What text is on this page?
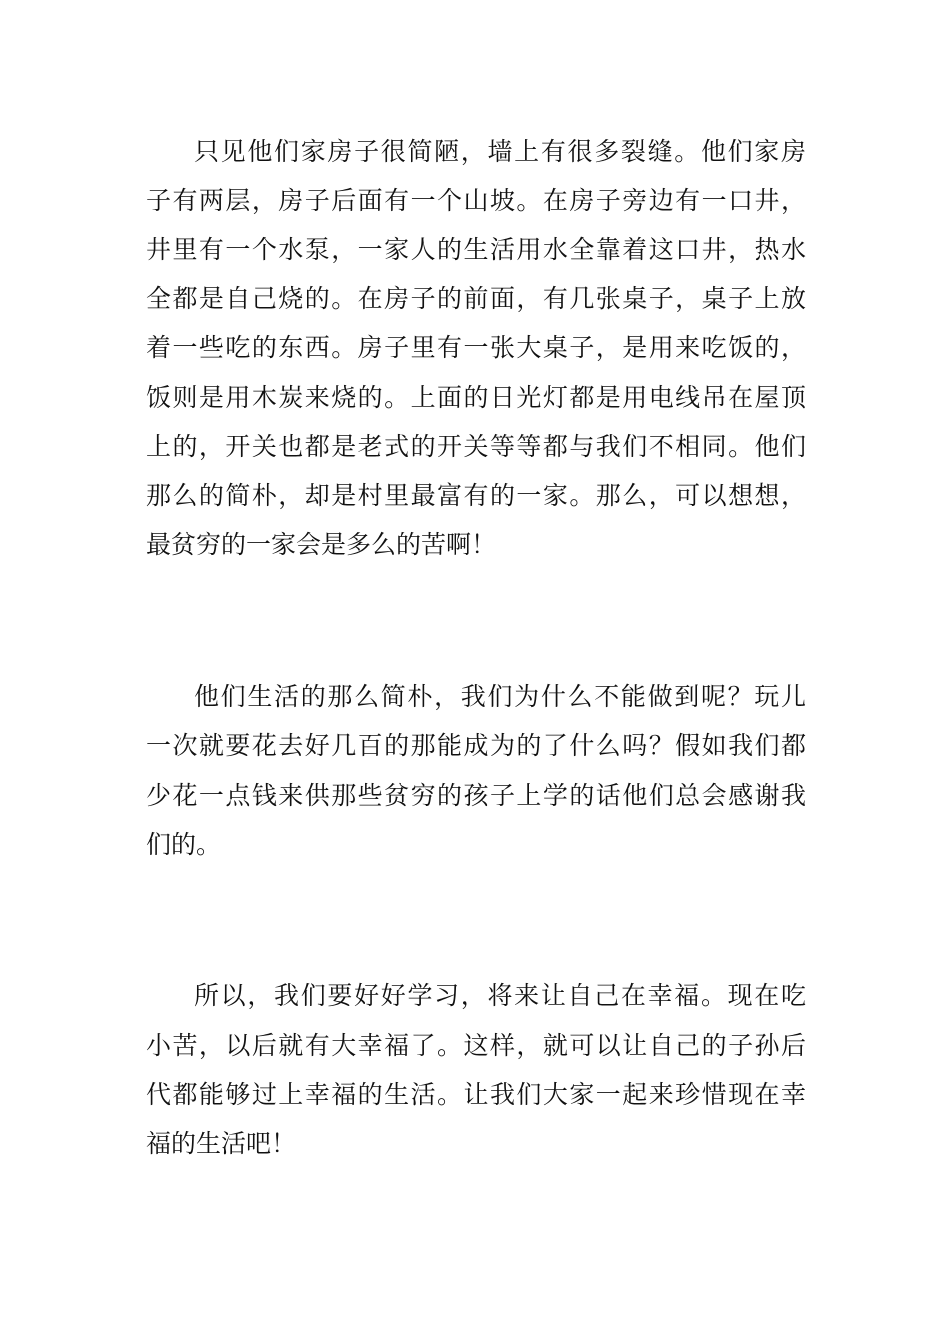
只见他们家房子很简陋，墙上有很多裂缝。他们家房
子有两层，房子后面有一个山坡。在房子旁边有一口井，
井里有一个水泵，一家人的生活用水全靠着这口井，热水
全都是自己烧的。在房子的前面，有几张桌子，桌子上放
着一些吃的东西。房子里有一张大桌子，是用来吃饭的，
饭则是用木炭来烧的。上面的日光灯都是用电线吊在屋顶
上的，开关也都是老式的开关等等都与我们不相同。他们
那么的简朴，却是村里最富有的一家。那么，可以想想，
最贫穷的一家会是多么的苦啊！
他们生活的那么简朴，我们为什么不能做到呢？玩儿
一次就要花去好几百的那能成为的了什么吗？假如我们都
少花一点钱来供那些贫穷的孩子上学的话他们总会感谢我
们的。
所以，我们要好好学习，将来让自己在幸福。现在吃
小苦，以后就有大幸福了。这样，就可以让自己的子孙后
代都能够过上幸福的生活。让我们大家一起来珍惜现在幸
福的生活吧！
